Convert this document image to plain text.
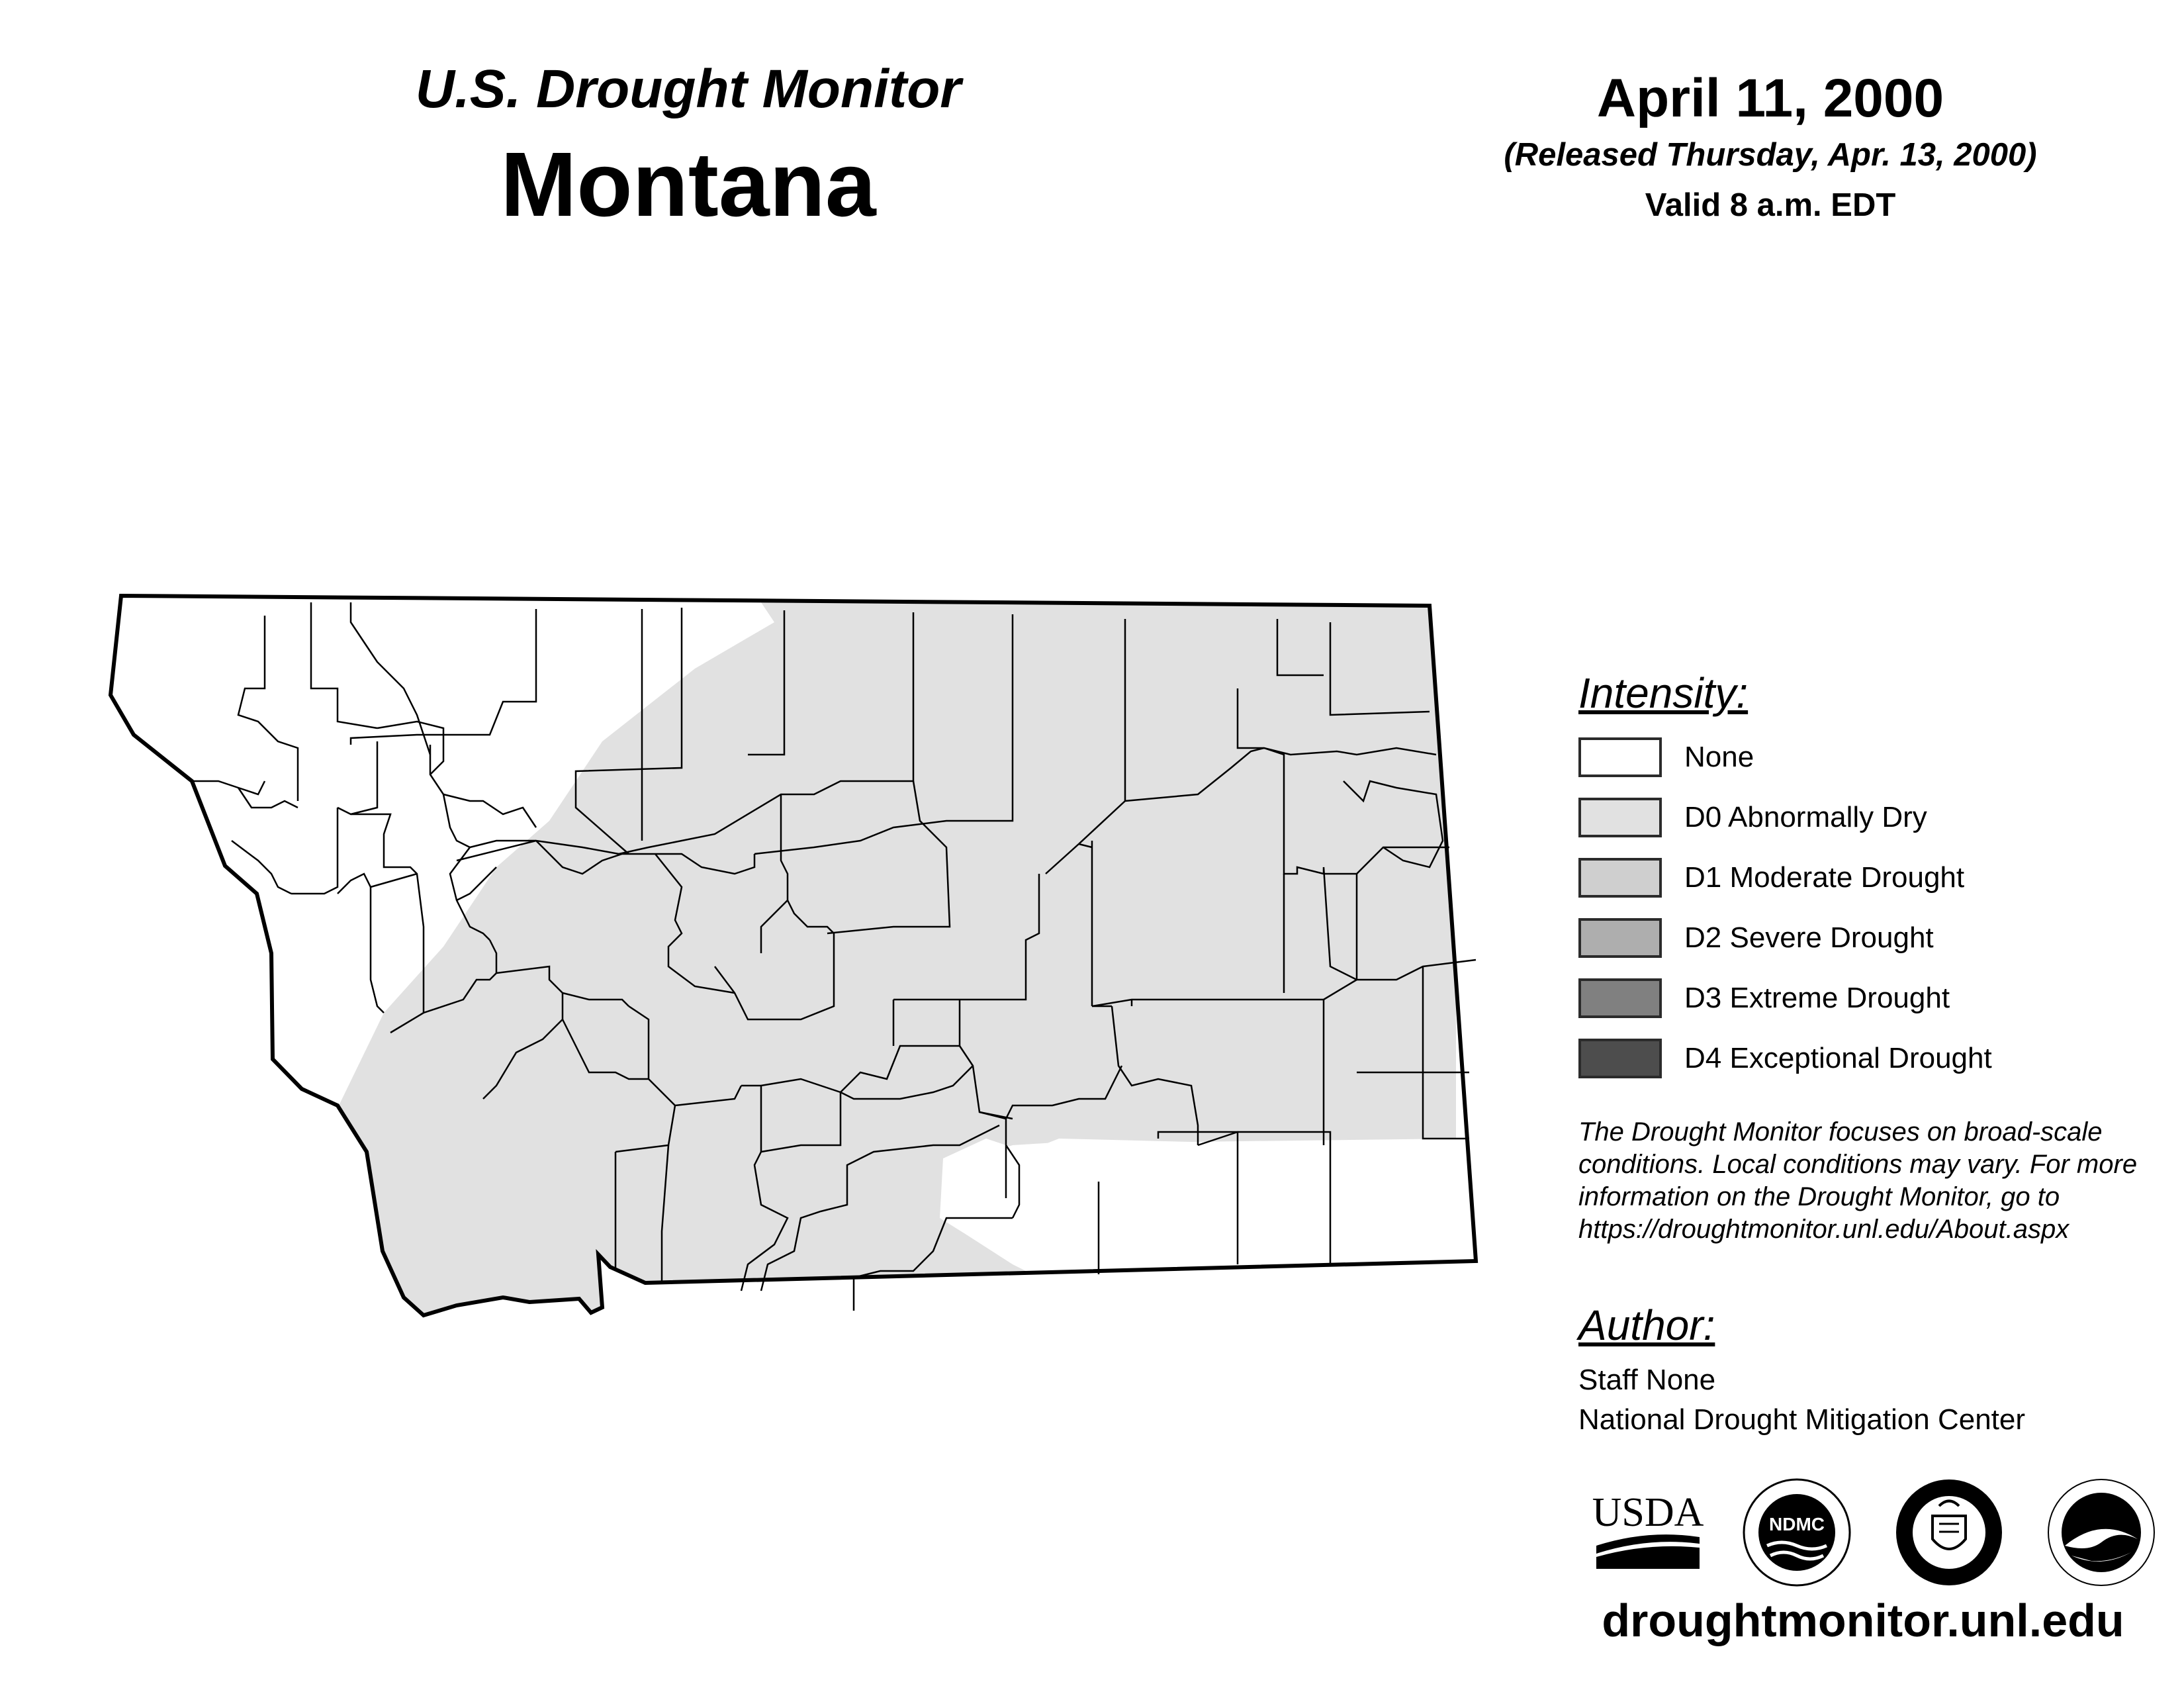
U.S. Drought Monitor
Montana
April 11, 2000
(Released Thursday, Apr. 13, 2000)
Valid 8 a.m. EDT
Intensity:
None
D0 Abnormally Dry
D1 Moderate Drought
D2 Severe Drought
D3 Extreme Drought
D4 Exceptional Drought
The Drought Monitor focuses on broad-scale conditions. Local conditions may vary. For more information on the Drought Monitor, go to https://droughtmonitor.unl.edu/About.aspx
Author:
Staff None
National Drought Mitigation Center
USDA	NDMC
droughtmonitor.unl.edu
